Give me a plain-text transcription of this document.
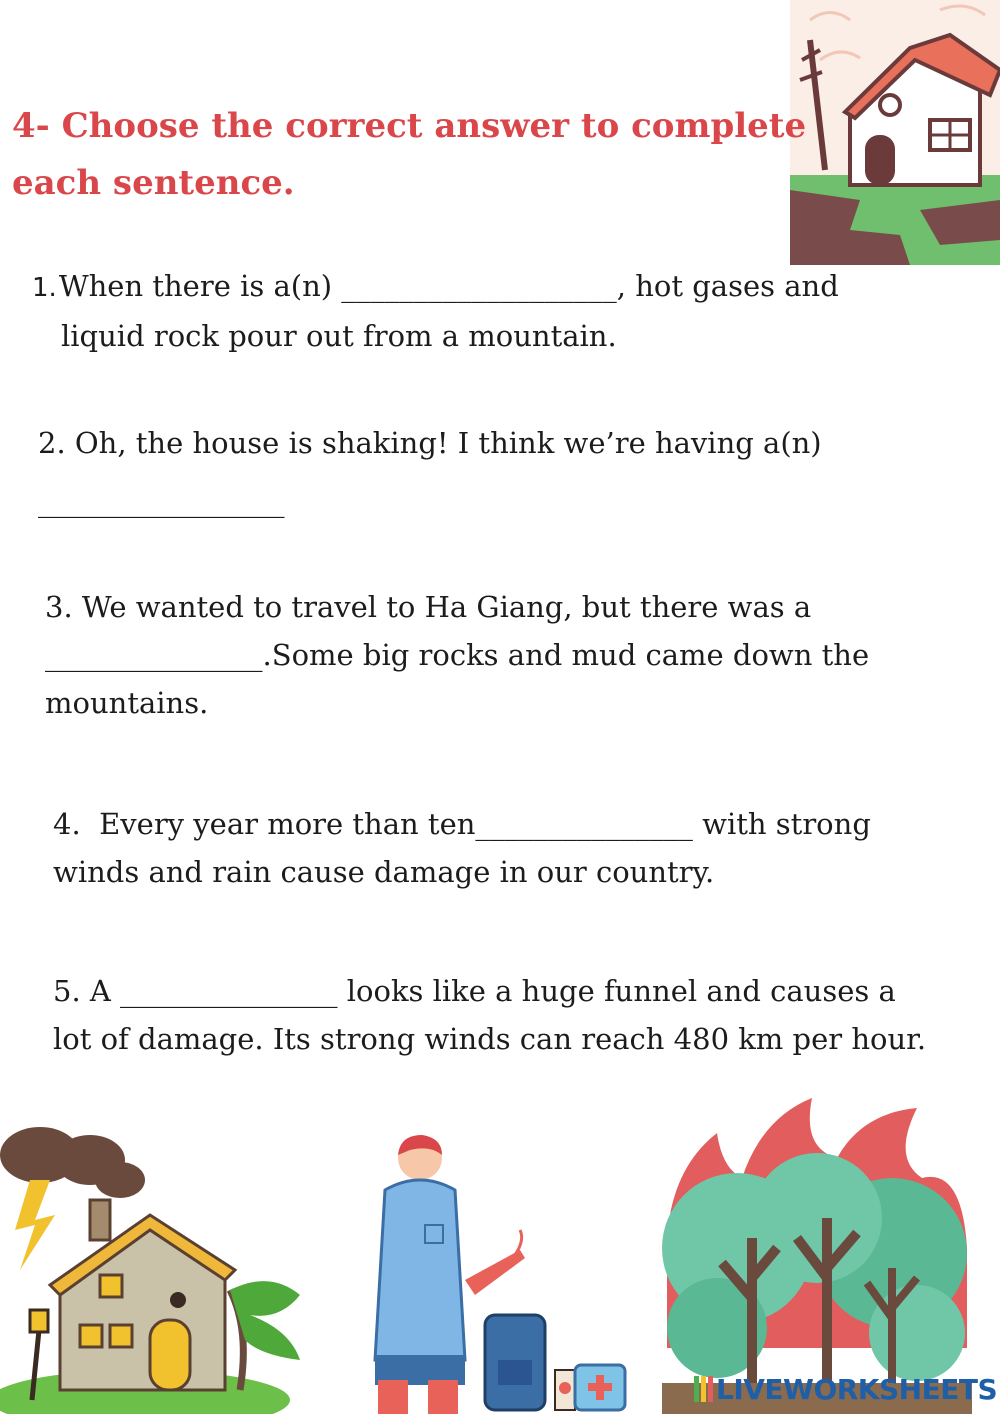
4- Choose the correct answer to complete each sentence.

1.When there is a(n) ___________________, hot gases and
liquid rock pour out from a mountain.

2. Oh, the house is shaking! I think we’re having a(n)
_________________

3. We wanted to travel to Ha Giang, but there was a
_______________.Some big rocks and mud came down the
mountains.

4.  Every year more than ten_______________ with strong
winds and rain cause damage in our country.

5. A _______________ looks like a huge funnel and causes a
lot of damage. Its strong winds can reach 480 km per hour.

LIVEWORKSHEETS
